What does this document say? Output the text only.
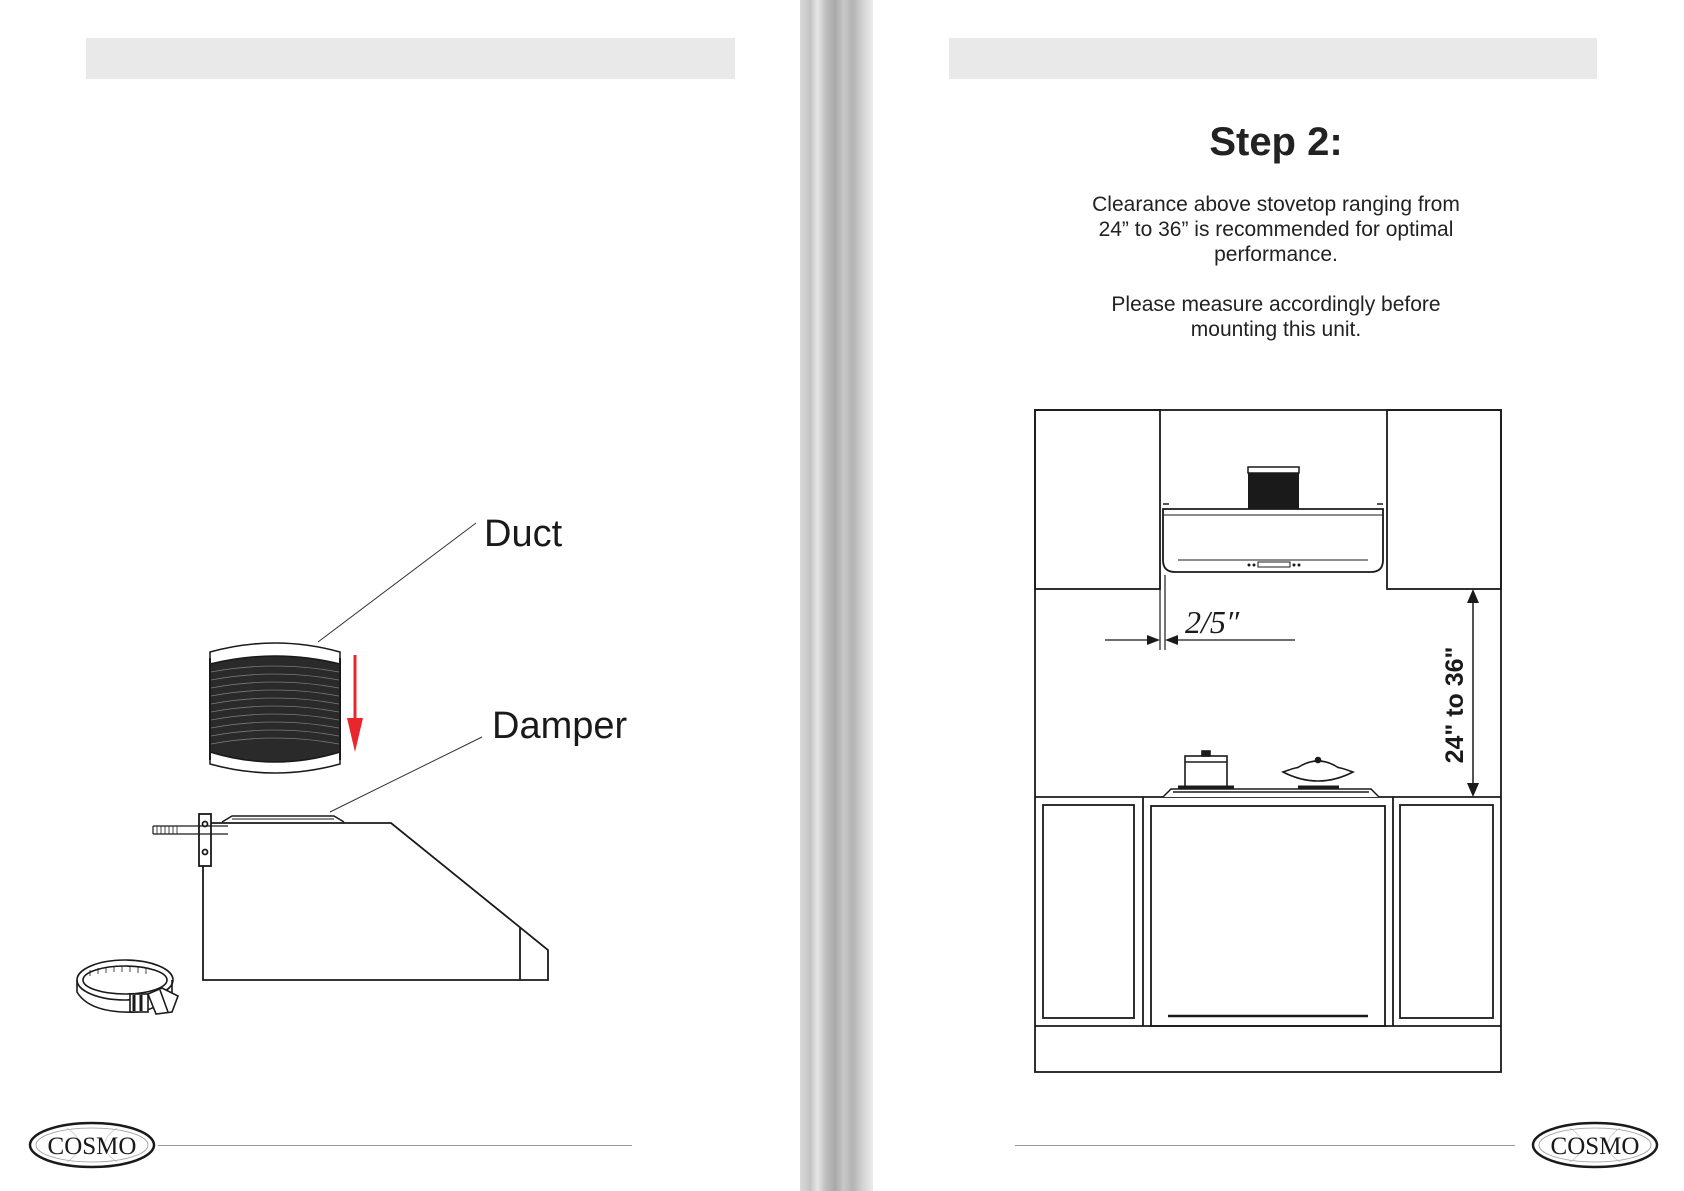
Duct
Damper
COSMO
Step 2:

Clearance above stovetop ranging from
24” to 36” is recommended for optimal
performance.

Please measure accordingly before
mounting this unit.

2/5″
24" to 36"
COSMO
